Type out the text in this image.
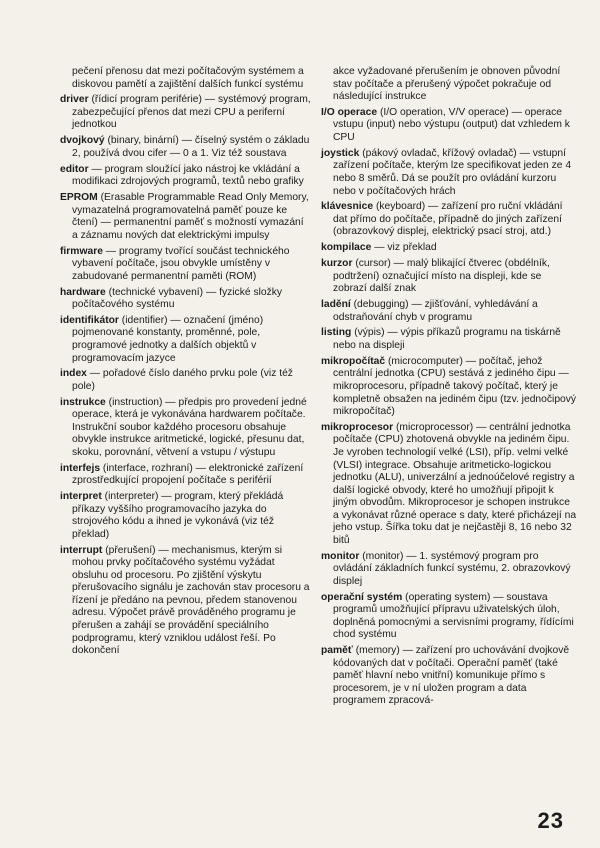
pečení přenosu dat mezi počítačovým systémem a diskovou pamětí a zajištění dalších funkcí systému

driver (řídicí program periférie) — systémový program, zabezpečující přenos dat mezi CPU a periferní jednotkou

dvojkový (binary, binární) — číselný systém o základu 2, používá dvou cifer — 0 a 1. Viz též soustava

editor — program sloužící jako nástroj ke vkládání a modifikaci zdrojových programů, textů nebo grafiky

EPROM (Erasable Programmable Read Only Memory, vymazatelná programovatelná paměť pouze ke čtení) — permanentní paměť s možností vymazání a záznamu nových dat elektrickými impulsy

firmware — programy tvořící součást technického vybavení počítače, jsou obvykle umístěny v zabudované permanentní paměti (ROM)

hardware (technické vybavení) — fyzické složky počítačového systému

identifikátor (identifier) — označení (jméno) pojmenované konstanty, proměnné, pole, programové jednotky a dalších objektů v programovacím jazyce

index — pořadové číslo daného prvku pole (viz též pole)

instrukce (instruction) — předpis pro provedení jedné operace, která je vykonávána hardwarem počítače. Instrukční soubor každého procesoru obsahuje obvykle instrukce aritmetické, logické, přesunu dat, skoku, porovnání, větvení a vstupu / výstupu

interfejs (interface, rozhraní) — elektronické zařízení zprostředkující propojení počítače s periférií

interpret (interpreter) — program, který překládá příkazy vyššího programovacího jazyka do strojového kódu a ihned je vykonává (viz též překlad)

interrupt (přerušení) — mechanismus, kterým si mohou prvky počítačového systému vyžádat obsluhu od procesoru. Po zjištění výskytu přerušovacího signálu je zachován stav procesoru a řízení je předáno na pevnou, předem stanovenou adresu. Výpočet právě prováděného programu je přerušen a zahájí se provádění speciálního podprogramu, který vzniklou událost řeší. Po dokončení

akce vyžadované přerušením je obnoven původní stav počítače a přerušený výpočet pokračuje od následující instrukce

I/O operace (I/O operation, V/V operace) — operace vstupu (input) nebo výstupu (output) dat vzhledem k CPU

joystick (pákový ovladač, křížový ovladač) — vstupní zařízení počítače, kterým lze specifikovat jeden ze 4 nebo 8 směrů. Dá se použít pro ovládání kurzoru nebo v počítačových hrách

klávesnice (keyboard) — zařízení pro ruční vkládání dat přímo do počítače, případně do jiných zařízení (obrazovkový displej, elektrický psací stroj, atd.)

kompilace — viz překlad

kurzor (cursor) — malý blikající čtverec (obdélník, podtržení) označující místo na displeji, kde se zobrazí další znak

ladění (debugging) — zjišťování, vyhledávání a odstraňování chyb v programu

listing (výpis) — výpis příkazů programu na tiskárně nebo na displeji

mikropočítač (microcomputer) — počítač, jehož centrální jednotka (CPU) sestává z jediného čipu — mikroprocesoru, případně takový počítač, který je kompletně obsažen na jediném čipu (tzv. jednočipový mikropočítač)

mikroprocesor (microprocessor) — centrální jednotka počítače (CPU) zhotovená obvykle na jediném čipu. Je vyroben technologií velké (LSI), příp. velmi velké (VLSI) integrace. Obsahuje aritmeticko-logickou jednotku (ALU), univerzální a jednoúčelové registry a další logické obvody, které ho umožňují připojit k jiným obvodům. Mikroprocesor je schopen instrukce a vykonávat různé operace s daty, které přicházejí na jeho vstup. Šířka toku dat je nejčastěji 8, 16 nebo 32 bitů

monitor (monitor) — 1. systémový program pro ovládání základních funkcí systému, 2. obrazovkový displej

operační systém (operating system) — soustava programů umožňující přípravu uživatelských úloh, doplněná pomocnými a servisními programy, řídícími chod systému

paměť (memory) — zařízení pro uchovávání dvojkově kódovaných dat v počítači. Operační paměť (také paměť hlavní nebo vnitřní) komunikuje přímo s procesorem, je v ní uložen program a data programem zpracová-

23
